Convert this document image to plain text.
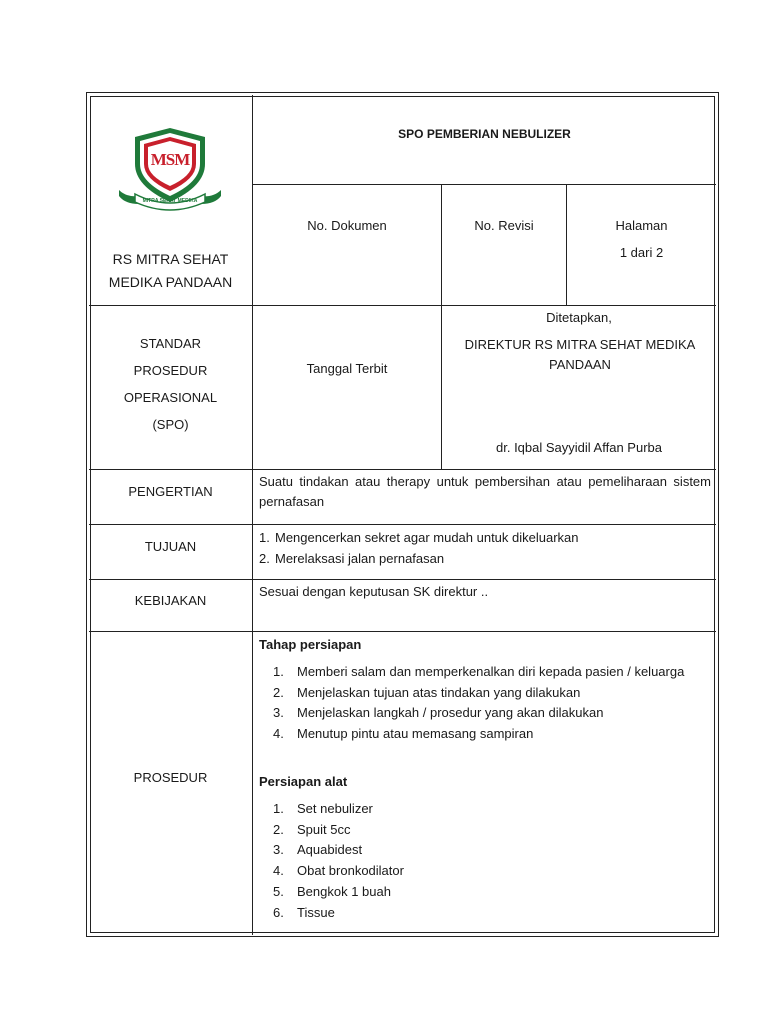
MSM
MITRA SEHAT MEDIKA
RS MITRA SEHAT MEDIKA PANDAAN
SPO PEMBERIAN NEBULIZER
No. Dokumen	No. Revisi	Halaman
1 dari 2
STANDAR
PROSEDUR
OPERASIONAL
(SPO)
Tanggal Terbit
Ditetapkan,
DIREKTUR RS MITRA SEHAT MEDIKA PANDAAN
dr. Iqbal Sayyidil Affan Purba
PENGERTIAN
Suatu tindakan atau therapy untuk pembersihan atau pemeliharaan sistem pernafasan
TUJUAN
1. Mengencerkan sekret agar mudah untuk dikeluarkan
2. Merelaksasi jalan pernafasan
KEBIJAKAN
Sesuai dengan keputusan SK direktur ..
PROSEDUR
Tahap persiapan
1. Memberi salam dan memperkenalkan diri kepada pasien / keluarga
2. Menjelaskan tujuan atas tindakan yang dilakukan
3. Menjelaskan langkah / prosedur yang akan dilakukan
4. Menutup pintu atau memasang sampiran
Persiapan alat
1. Set nebulizer
2. Spuit 5cc
3. Aquabidest
4. Obat bronkodilator
5. Bengkok 1 buah
6. Tissue
